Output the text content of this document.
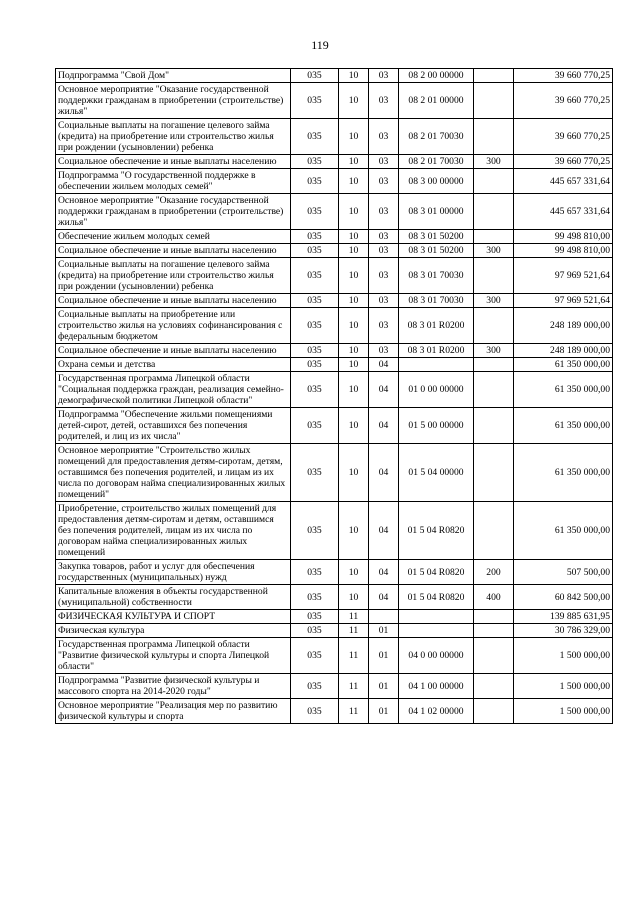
119
Подпрограмма "Свой Дом"	035	10	03	08 2 00 00000		39 660 770,25
Основное мероприятие "Оказание государственной поддержки гражданам в приобретении (строительстве) жилья"	035	10	03	08 2 01 00000		39 660 770,25
Социальные выплаты на погашение целевого займа (кредита) на приобретение или строительство жилья при рождении (усыновлении) ребенка	035	10	03	08 2 01 70030		39 660 770,25
Социальное обеспечение и иные выплаты населению	035	10	03	08 2 01 70030	300	39 660 770,25
Подпрограмма "О государственной поддержке в обеспечении жильем молодых семей"	035	10	03	08 3 00 00000		445 657 331,64
Основное мероприятие "Оказание государственной поддержки гражданам в приобретении (строительстве) жилья"	035	10	03	08 3 01 00000		445 657 331,64
Обеспечение жильем молодых семей	035	10	03	08 3 01 50200		99 498 810,00
Социальное обеспечение и иные выплаты населению	035	10	03	08 3 01 50200	300	99 498 810,00
Социальные выплаты на погашение целевого займа (кредита) на приобретение или строительство жилья при рождении (усыновлении) ребенка	035	10	03	08 3 01 70030		97 969 521,64
Социальное обеспечение и иные выплаты населению	035	10	03	08 3 01 70030	300	97 969 521,64
Социальные выплаты на приобретение или строительство жилья на условиях софинансирования с федеральным бюджетом	035	10	03	08 3 01 R0200		248 189 000,00
Социальное обеспечение и иные выплаты населению	035	10	03	08 3 01 R0200	300	248 189 000,00
Охрана семьи и детства	035	10	04			61 350 000,00
Государственная программа Липецкой области "Социальная поддержка граждан, реализация семейно-демографической политики Липецкой области"	035	10	04	01 0 00 00000		61 350 000,00
Подпрограмма "Обеспечение жильми помещениями детей-сирот, детей, оставшихся без попечения родителей, и лиц из их числа"	035	10	04	01 5 00 00000		61 350 000,00
Основное мероприятие "Строительство жилых помещений для предоставления детям-сиротам, детям, оставшимся без попечения родителей, и лицам из их числа по договорам найма специализированных жилых помещений"	035	10	04	01 5 04 00000		61 350 000,00
Приобретение, строительство жилых помещений для предоставления детям-сиротам и детям, оставшимся без попечения родителей, лицам из их числа по договорам найма специализированных жилых помещений	035	10	04	01 5 04 R0820		61 350 000,00
Закупка товаров, работ и услуг для обеспечения государственных (муниципальных) нужд	035	10	04	01 5 04 R0820	200	507 500,00
Капитальные вложения в объекты государственной (муниципальной) собственности	035	10	04	01 5 04 R0820	400	60 842 500,00
ФИЗИЧЕСКАЯ КУЛЬТУРА И СПОРТ	035	11				139 885 631,95
Физическая культура	035	11	01			30 786 329,00
Государственная программа Липецкой области "Развитие физической культуры и спорта Липецкой области"	035	11	01	04 0 00 00000		1 500 000,00
Подпрограмма "Развитие физической культуры и массового спорта на 2014-2020 годы"	035	11	01	04 1 00 00000		1 500 000,00
Основное мероприятие "Реализация мер по развитию физической культуры и спорта	035	11	01	04 1 02 00000		1 500 000,00
